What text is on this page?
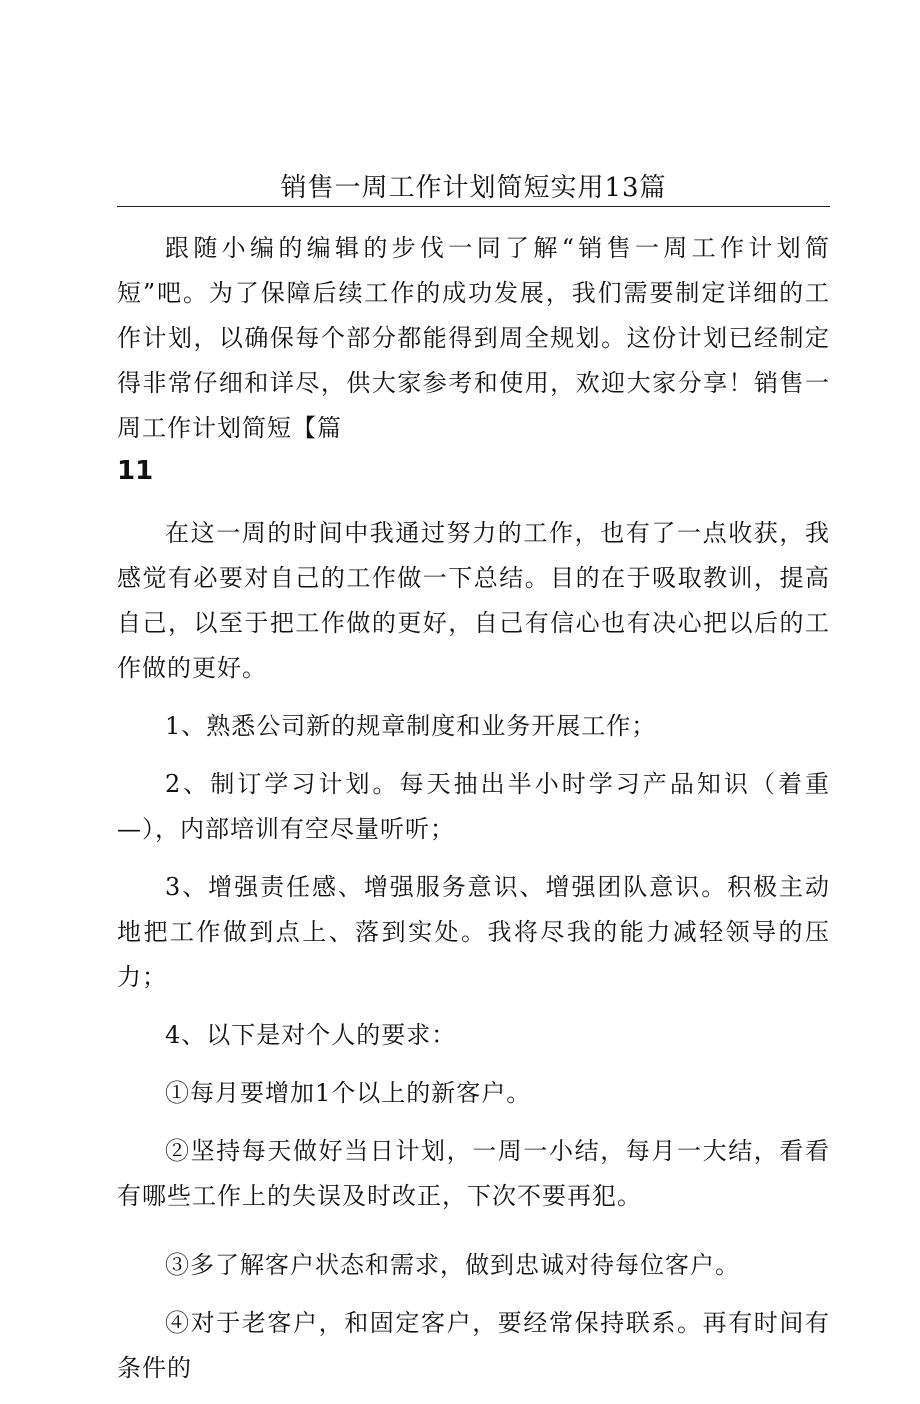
销售一周工作计划简短实用13篇

跟随小编的编辑的步伐一同了解“销售一周工作计划简短”吧。为了保障后续工作的成功发展，我们需要制定详细的工作计划，以确保每个部分都能得到周全规划。这份计划已经制定得非常仔细和详尽，供大家参考和使用，欢迎大家分享！销售一周工作计划简短【篇

11

在这一周的时间中我通过努力的工作，也有了一点收获，我感觉有必要对自己的工作做一下总结。目的在于吸取教训，提高自己，以至于把工作做的更好，自己有信心也有决心把以后的工作做的更好。

1、熟悉公司新的规章制度和业务开展工作；

2、制订学习计划。每天抽出半小时学习产品知识（着重—），内部培训有空尽量听听；

3、增强责任感、增强服务意识、增强团队意识。积极主动地把工作做到点上、落到实处。我将尽我的能力减轻领导的压力；

4、以下是对个人的要求：

①每月要增加1个以上的新客户。

②坚持每天做好当日计划，一周一小结，每月一大结，看看有哪些工作上的失误及时改正，下次不要再犯。

③多了解客户状态和需求，做到忠诚对待每位客户。

④对于老客户，和固定客户，要经常保持联系。再有时间有条件的
